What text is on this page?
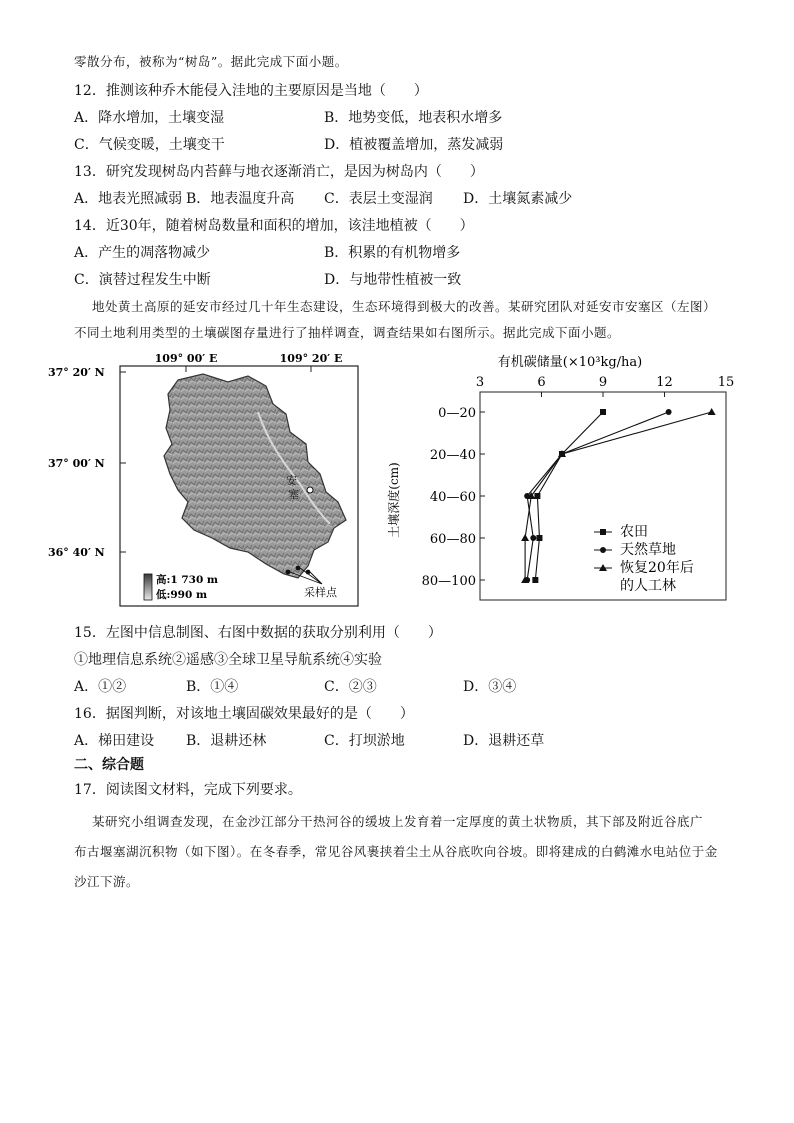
零散分布，被称为“树岛”。据此完成下面小题。
12．推测该种乔木能侵入洼地的主要原因是当地（　　）
A．降水增加，土壤变湿	B．地势变低，地表积水增多
C．气候变暖，土壤变干	D．植被覆盖增加，蒸发减弱
13．研究发现树岛内苔藓与地衣逐渐消亡，是因为树岛内（　　）
A．地表光照减弱 B．地表温度升高 C．表层土变湿润 D．土壤氮素减少
14．近30年，随着树岛数量和面积的增加，该洼地植被（　　）
A．产生的凋落物减少	B．积累的有机物增多
C．演替过程发生中断	D．与地带性植被一致
地处黄土高原的延安市经过几十年生态建设，生态环境得到极大的改善。某研究团队对延安市安塞区（左图）
不同土地利用类型的土壤碳图存量进行了抽样调查，调查结果如右图所示。据此完成下面小题。
109° 00′ E	109° 20′ E
37° 20′ N
37° 00′ N
36° 40′ N
安
塞
采样点
高:1 730 m
低:990 m
有机碳储量(×10³kg/ha)
3	6	9	12	15
土壤深度(cm)
0—20
20—40
40—60
60—80
80—100
农田
天然草地
恢复20年后
的人工林
15．左图中信息制图、右图中数据的获取分别利用（　　）
①地理信息系统②遥感③全球卫星导航系统④实验
A．①②	B．①④	C．②③	D．③④
16．据图判断，对该地土壤固碳效果最好的是（　　）
A．梯田建设 B．退耕还林	C．打坝淤地	D．退耕还草
二、综合题
17．阅读图文材料，完成下列要求。
某研究小组调查发现，在金沙江部分干热河谷的缓坡上发育着一定厚度的黄土状物质，其下部及附近谷底广
布古堰塞湖沉积物（如下图）。在冬春季，常见谷风裹挟着尘土从谷底吹向谷坡。即将建成的白鹤滩水电站位于金
沙江下游。
